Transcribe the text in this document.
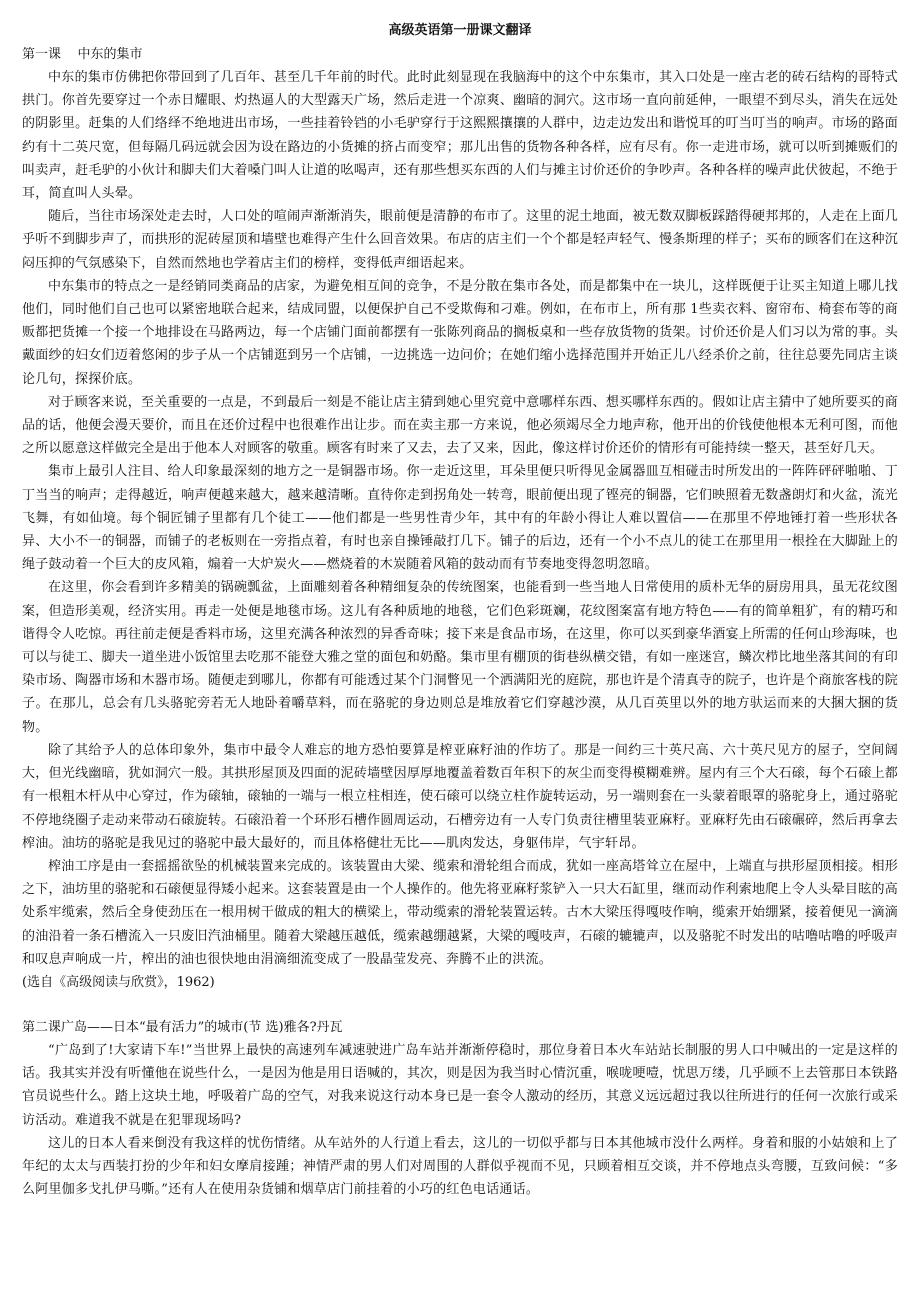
高级英语第一册课文翻译
第一课    中东的集市

中东的集市仿佛把你带回到了几百年、甚至几千年前的时代。此时此刻显现在我脑海中的这个中东集市，其入口处是一座古老的砖石结构的哥特式拱门。你首先要穿过一个赤日耀眼、灼热逼人的大型露天广场，然后走进一个凉爽、幽暗的洞穴。这市场一直向前延伸，一眼望不到尽头，消失在远处的阴影里。赶集的人们络绎不绝地进出市场，一些挂着铃铛的小毛驴穿行于这熙熙攘攘的人群中，边走边发出和谐悦耳的叮当叮当的响声。市场的路面约有十二英尺宽，但每隔几码远就会因为设在路边的小货摊的挤占而变窄；那儿出售的货物各种各样，应有尽有。你一走进市场，就可以听到摊贩们的叫卖声，赶毛驴的小伙计和脚夫们大着嗓门叫人让道的吆喝声，还有那些想买东西的人们与摊主讨价还价的争吵声。各种各样的噪声此伏彼起，不绝于耳，简直叫人头晕。

随后，当往市场深处走去时，人口处的喧闹声渐渐消失，眼前便是清静的布市了。这里的泥土地面，被无数双脚板踩踏得硬邦邦的，人走在上面几乎听不到脚步声了，而拱形的泥砖屋顶和墙壁也难得产生什么回音效果。布店的店主们一个个都是轻声轻气、慢条斯理的样子；买布的顾客们在这种沉闷压抑的气氛感染下，自然而然地也学着店主们的榜样，变得低声细语起来。

中东集市的特点之一是经销同类商品的店家，为避免相互间的竞争，不是分散在集市各处，而是都集中在一块儿，这样既便于让买主知道上哪儿找他们，同时他们自己也可以紧密地联合起来，结成同盟，以便保护自己不受欺侮和刁难。例如，在布市上，所有那 1些卖衣料、窗帘布、椅套布等的商贩都把货摊一个接一个地排设在马路两边，每一个店铺门面前都摆有一张陈列商品的搁板桌和一些存放货物的货架。讨价还价是人们习以为常的事。头戴面纱的妇女们迈着悠闲的步子从一个店铺逛到另一个店铺，一边挑选一边问价；在她们缩小选择范围并开始正儿八经杀价之前，往往总要先同店主谈论几句，探探价底。

对于顾客来说，至关重要的一点是，不到最后一刻是不能让店主猜到她心里究竟中意哪样东西、想买哪样东西的。假如让店主猜中了她所要买的商品的话，他便会漫天要价，而且在还价过程中也很难作出让步。而在卖主那一方来说，他必须竭尽全力地声称，他开出的价钱使他根本无利可图，而他之所以愿意这样做完全是出于他本人对顾客的敬重。顾客有时来了又去，去了又来，因此，像这样讨价还价的情形有可能持续一整天，甚至好几天。

集市上最引人注目、给人印象最深刻的地方之一是铜器市场。你一走近这里，耳朵里便只听得见金属器皿互相碰击时所发出的一阵阵砰砰啪啪、丁丁当当的响声；走得越近，响声便越来越大，越来越清晰。直待你走到拐角处一转弯，眼前便出现了铿亮的铜器，它们映照着无数盏朗灯和火盆，流光飞舞，有如仙境。每个铜匠铺子里都有几个徒工——他们都是一些男性青少年，其中有的年龄小得让人难以置信——在那里不停地锤打着一些形状各异、大小不一的铜器，而铺子的老板则在一旁指点着，有时也亲自操锤敲打几下。铺子的后边，还有一个小不点儿的徒工在那里用一根拴在大脚趾上的绳子鼓动着一个巨大的皮风箱，煽着一大炉炭火——燃烧着的木炭随着风箱的鼓动而有节奏地变得忽明忽暗。

在这里，你会看到许多精美的锅碗瓢盆，上面雕刻着各种精细复杂的传统图案，也能看到一些当地人日常使用的质朴无华的厨房用具，虽无花纹图案，但造形美观，经济实用。再走一处便是地毯市场。这儿有各种质地的地毯，它们色彩斑斓，花纹图案富有地方特色——有的简单粗犷，有的精巧和谐得令人吃惊。再往前走便是香料市场，这里充满各种浓烈的异香奇味；接下来是食品市场，在这里，你可以买到豪华酒宴上所需的任何山珍海味，也可以与徒工、脚夫一道坐进小饭馆里去吃那不能登大雅之堂的面包和奶酪。集市里有棚顶的街巷纵横交错，有如一座迷宫，鳞次栉比地坐落其间的有印染市场、陶器市场和木器市场。随便走到哪儿，你都有可能透过某个门洞瞥见一个洒满阳光的庭院，那也许是个清真寺的院子，也许是个商旅客栈的院子。在那儿，总会有几头骆驼旁若无人地卧着嚼草料，而在骆驼的身边则总是堆放着它们穿越沙漠，从几百英里以外的地方驮运而来的大捆大捆的货物。

除了其给予人的总体印象外，集市中最令人难忘的地方恐怕要算是榨亚麻籽油的作坊了。那是一间约三十英尺高、六十英尺见方的屋子，空间阔大，但光线幽暗，犹如洞穴一般。其拱形屋顶及四面的泥砖墙壁因厚厚地覆盖着数百年积下的灰尘而变得模糊难辨。屋内有三个大石磙，每个石磙上都有一根粗木杆从中心穿过，作为磙轴，磙轴的一端与一根立柱相连，使石磙可以绕立柱作旋转运动，另一端则套在一头蒙着眼罩的骆驼身上，通过骆驼不停地绕圈子走动来带动石磙旋转。石磙沿着一个环形石槽作圆周运动，石槽旁边有一人专门负责往槽里装亚麻籽。亚麻籽先由石磙碾碎，然后再拿去榨油。油坊的骆驼是我见过的骆驼中最大最好的，而且体格健壮无比——肌肉发达，身躯伟岸，气宇轩昂。

榨油工序是由一套摇摇欲坠的机械装置来完成的。该装置由大梁、缆索和滑轮组合而成，犹如一座高塔耸立在屋中，上端直与拱形屋顶相接。相形之下，油坊里的骆驼和石磙便显得矮小起来。这套装置是由一个人操作的。他先将亚麻籽浆铲入一只大石缸里，继而动作利索地爬上令人头晕目眩的高处系牢缆索，然后全身使劲压在一根用树干做成的粗大的横梁上，带动缆索的滑轮装置运转。古木大梁压得嘎吱作响，缆索开始绷紧，接着便见一滴滴的油沿着一条石槽流入一只废旧汽油桶里。随着大梁越压越低，缆索越绷越紧，大梁的嘎吱声，石磙的辘辘声，以及骆驼不时发出的咕噜咕噜的呼吸声和叹息声响成一片，榨出的油也很快地由涓滴细流变成了一股晶莹发亮、奔腾不止的洪流。

(选自《高级阅读与欣赏》，1962)
第二课广岛——日本“最有活力”的城市(节 选)雅各?丹瓦

“广岛到了!大家请下车!”当世界上最快的高速列车减速驶进广岛车站并渐渐停稳时，那位身着日本火车站站长制服的男人口中喊出的一定是这样的话。我其实并没有听懂他在说些什么，一是因为他是用日语喊的，其次，则是因为我当时心情沉重，喉咙哽噎，忧思万缕，几乎顾不上去管那日本铁路官员说些什么。踏上这块土地，呼吸着广岛的空气，对我来说这行动本身已是一套令人激动的经历，其意义远远超过我以往所进行的任何一次旅行或采访活动。难道我不就是在犯罪现场吗?

这儿的日本人看来倒没有我这样的忧伤情绪。从车站外的人行道上看去，这儿的一切似乎都与日本其他城市没什么两样。身着和服的小姑娘和上了年纪的太太与西装打扮的少年和妇女摩肩接踵；神情严肃的男人们对周围的人群似乎视而不见，只顾着相互交谈，并不停地点头弯腰，互致问候：“多么阿里伽多戈扎伊马嘶。”还有人在使用杂货铺和烟草店门前挂着的小巧的红色电话通话。
